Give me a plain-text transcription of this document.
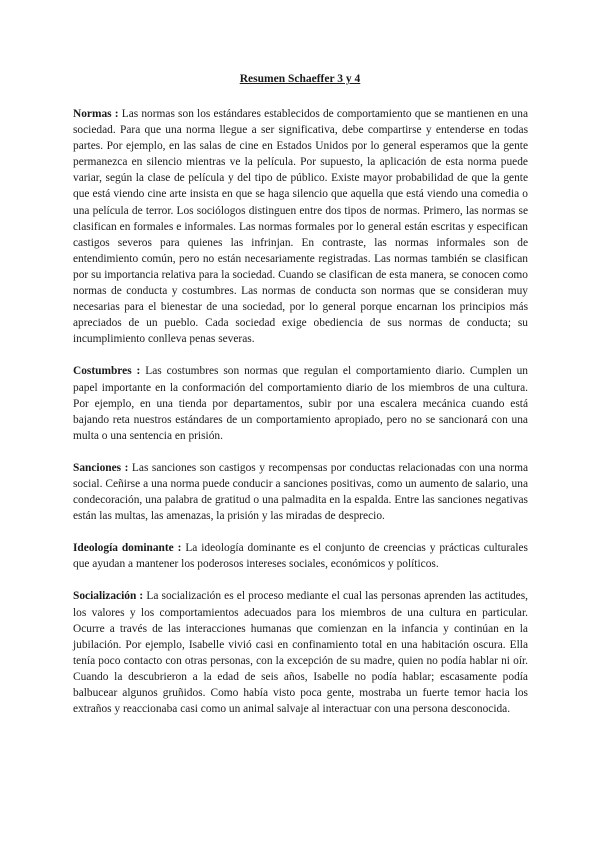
Resumen Schaeffer 3 y 4

Normas : Las normas son los estándares establecidos de comportamiento que se mantienen en una sociedad. Para que una norma llegue a ser significativa, debe compartirse y entenderse en todas partes. Por ejemplo, en las salas de cine en Estados Unidos por lo general esperamos que la gente permanezca en silencio mientras ve la película. Por supuesto, la aplicación de esta norma puede variar, según la clase de película y del tipo de público. Existe mayor probabilidad de que la gente que está viendo cine arte insista en que se haga silencio que aquella que está viendo una comedia o una película de terror. Los sociólogos distinguen entre dos tipos de normas. Primero, las normas se clasifican en formales e informales. Las normas formales por lo general están escritas y especifican castigos severos para quienes las infrinjan. En contraste, las normas informales son de entendimiento común, pero no están necesariamente registradas. Las normas también se clasifican por su importancia relativa para la sociedad. Cuando se clasifican de esta manera, se conocen como normas de conducta y costumbres. Las normas de conducta son normas que se consideran muy necesarias para el bienestar de una sociedad, por lo general porque encarnan los principios más apreciados de un pueblo. Cada sociedad exige obediencia de sus normas de conducta; su incumplimiento conlleva penas severas.

Costumbres : Las costumbres son normas que regulan el comportamiento diario. Cumplen un papel importante en la conformación del comportamiento diario de los miembros de una cultura. Por ejemplo, en una tienda por departamentos, subir por una escalera mecánica cuando está bajando reta nuestros estándares de un comportamiento apropiado, pero no se sancionará con una multa o una sentencia en prisión.

Sanciones : Las sanciones son castigos y recompensas por conductas relacionadas con una norma social. Ceñirse a una norma puede conducir a sanciones positivas, como un aumento de salario, una condecoración, una palabra de gratitud o una palmadita en la espalda. Entre las sanciones negativas están las multas, las amenazas, la prisión y las miradas de desprecio.

Ideología dominante : La ideología dominante es el conjunto de creencias y prácticas culturales que ayudan a mantener los poderosos intereses sociales, económicos y políticos.

Socialización : La socialización es el proceso mediante el cual las personas aprenden las actitudes, los valores y los comportamientos adecuados para los miembros de una cultura en particular. Ocurre a través de las interacciones humanas que comienzan en la infancia y continúan en la jubilación. Por ejemplo, Isabelle vivió casi en confinamiento total en una habitación oscura. Ella tenía poco contacto con otras personas, con la excepción de su madre, quien no podía hablar ni oír. Cuando la descubrieron a la edad de seis años, Isabelle no podía hablar; escasamente podía balbucear algunos gruñidos. Como había visto poca gente, mostraba un fuerte temor hacia los extraños y reaccionaba casi como un animal salvaje al interactuar con una persona desconocida.
